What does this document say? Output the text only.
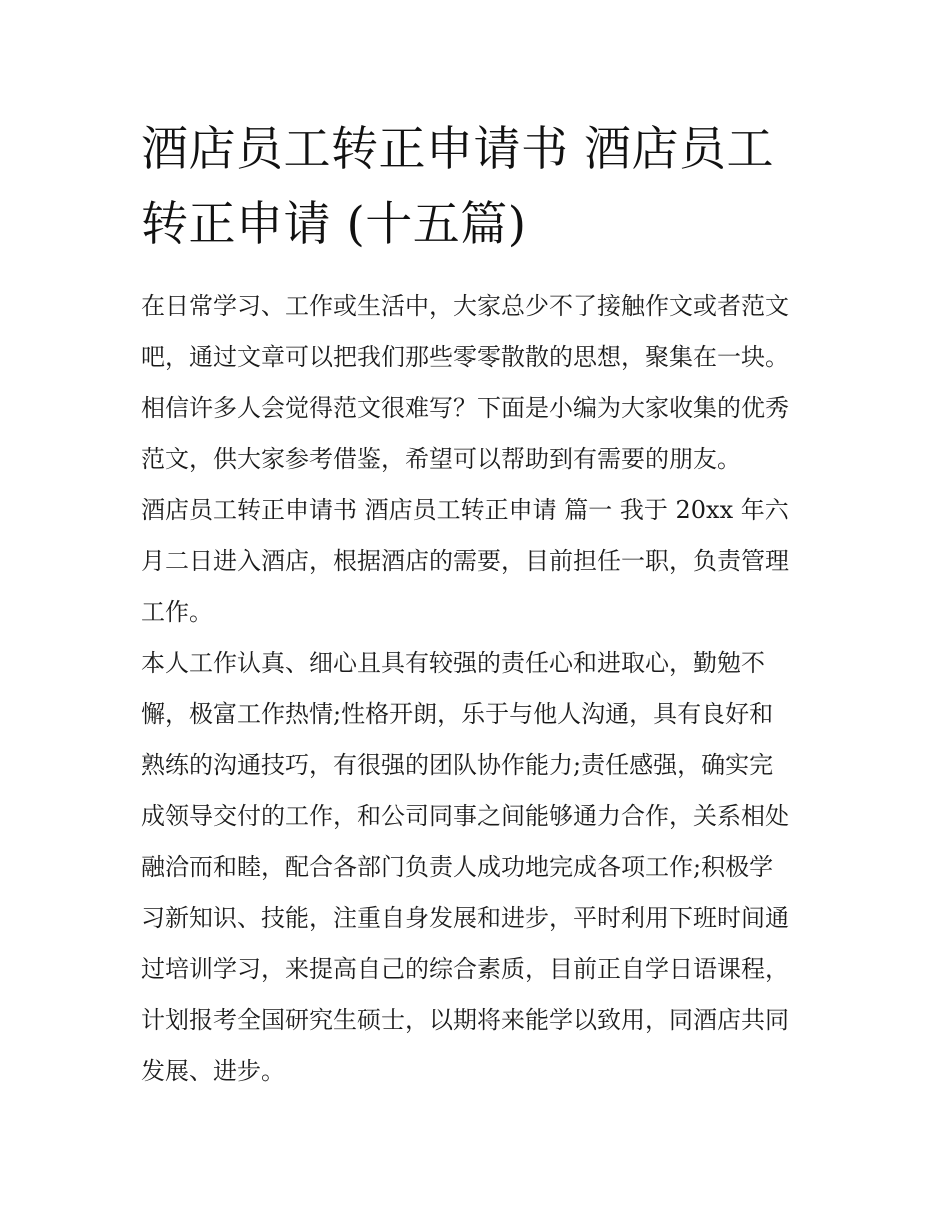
酒店员工转正申请书 酒店员工
转正申请 (十五篇)

在日常学习、工作或生活中，大家总少不了接触作文或者范文
吧，通过文章可以把我们那些零零散散的思想，聚集在一块。
相信许多人会觉得范文很难写？下面是小编为大家收集的优秀
范文，供大家参考借鉴，希望可以帮助到有需要的朋友。

酒店员工转正申请书 酒店员工转正申请 篇一 我于 20xx 年六
月二日进入酒店，根据酒店的需要，目前担任一职，负责管理
工作。

本人工作认真、细心且具有较强的责任心和进取心，勤勉不
懈，极富工作热情;性格开朗，乐于与他人沟通，具有良好和
熟练的沟通技巧，有很强的团队协作能力;责任感强，确实完
成领导交付的工作，和公司同事之间能够通力合作，关系相处
融洽而和睦，配合各部门负责人成功地完成各项工作;积极学
习新知识、技能，注重自身发展和进步，平时利用下班时间通
过培训学习，来提高自己的综合素质，目前正自学日语课程，
计划报考全国研究生硕士，以期将来能学以致用，同酒店共同
发展、进步。
